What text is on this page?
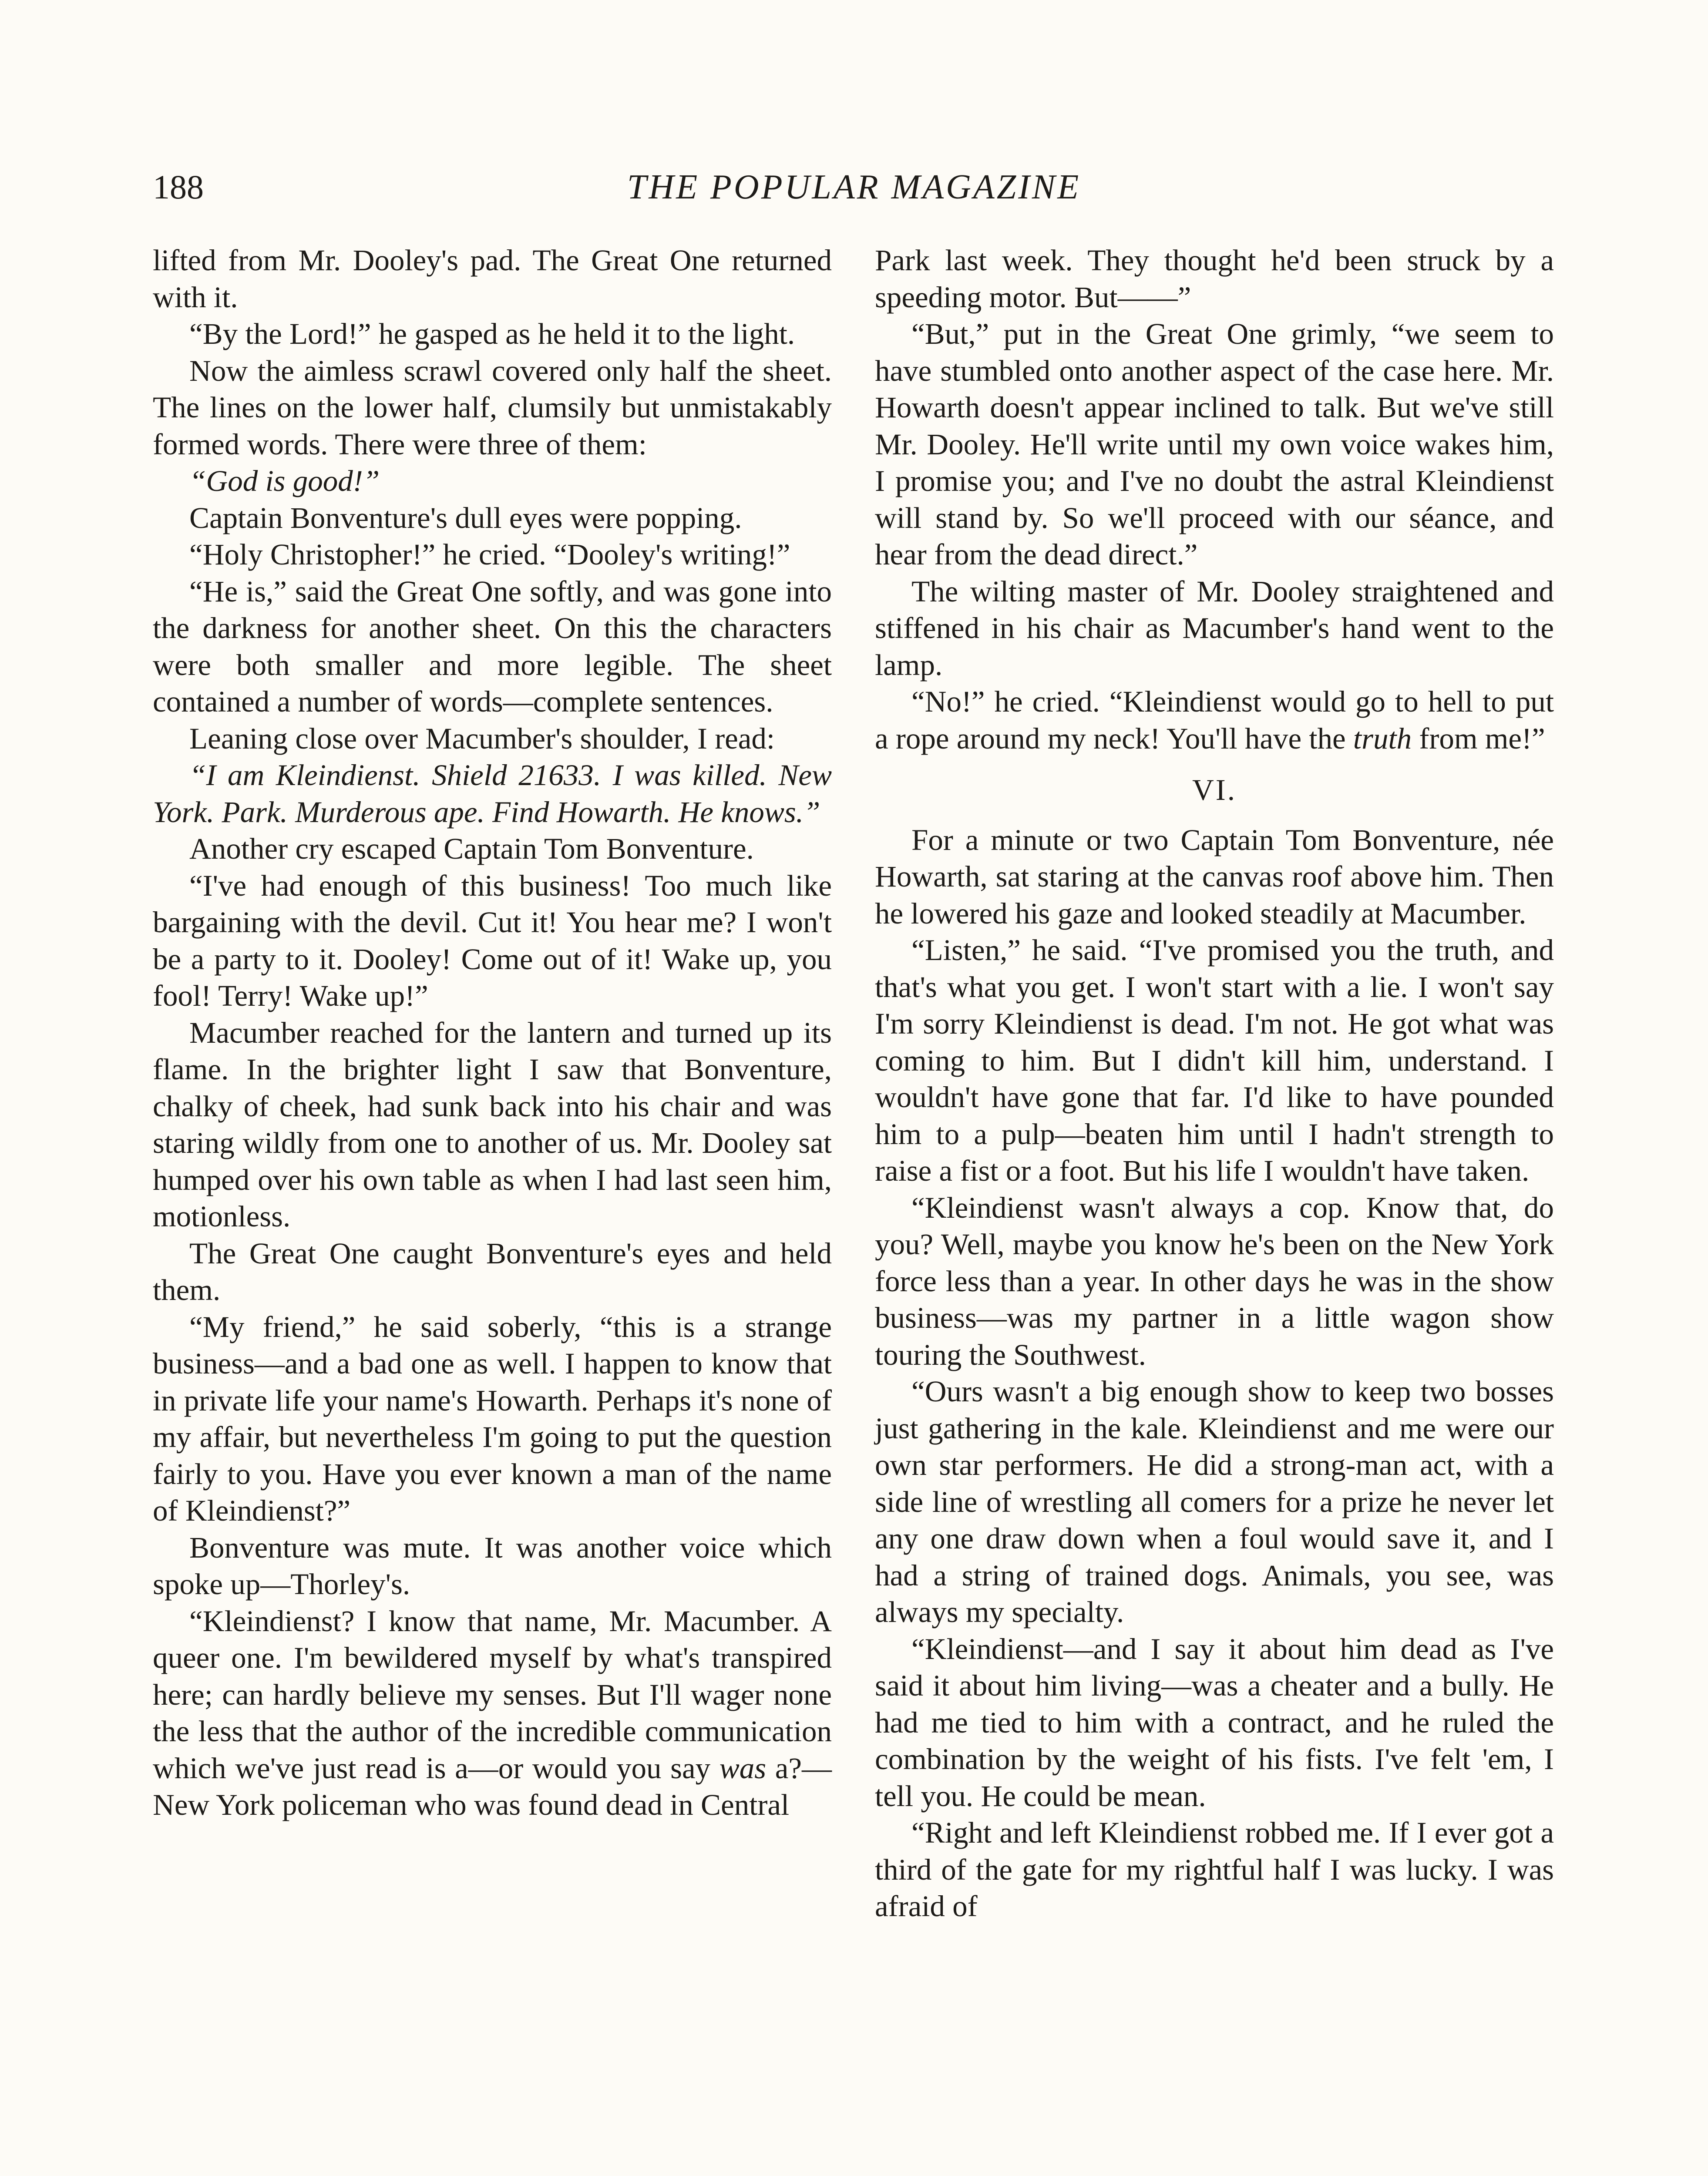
188	THE POPULAR MAGAZINE

lifted from Mr. Dooley's pad. The Great One returned with it.

“By the Lord!” he gasped as he held it to the light.

Now the aimless scrawl covered only half the sheet. The lines on the lower half, clumsily but unmistakably formed words. There were three of them:

“God is good!”

Captain Bonventure's dull eyes were popping.

“Holy Christopher!” he cried. “Dooley's writing!”

“He is,” said the Great One softly, and was gone into the darkness for another sheet. On this the characters were both smaller and more legible. The sheet contained a number of words—complete sentences.

Leaning close over Macumber's shoulder, I read:

“I am Kleindienst. Shield 21633. I was killed. New York. Park. Murderous ape. Find Howarth. He knows.”

Another cry escaped Captain Tom Bonventure.

“I've had enough of this business! Too much like bargaining with the devil. Cut it! You hear me? I won't be a party to it. Dooley! Come out of it! Wake up, you fool! Terry! Wake up!”

Macumber reached for the lantern and turned up its flame. In the brighter light I saw that Bonventure, chalky of cheek, had sunk back into his chair and was staring wildly from one to another of us. Mr. Dooley sat humped over his own table as when I had last seen him, motionless.

The Great One caught Bonventure's eyes and held them.

“My friend,” he said soberly, “this is a strange business—and a bad one as well. I happen to know that in private life your name's Howarth. Perhaps it's none of my affair, but nevertheless I'm going to put the question fairly to you. Have you ever known a man of the name of Kleindienst?”

Bonventure was mute. It was another voice which spoke up—Thorley's.

“Kleindienst? I know that name, Mr. Macumber. A queer one. I'm bewildered myself by what's transpired here; can hardly believe my senses. But I'll wager none the less that the author of the incredible communication which we've just read is a—or would you say was a?—New York policeman who was found dead in Central

Park last week. They thought he'd been struck by a speeding motor. But——”

“But,” put in the Great One grimly, “we seem to have stumbled onto another aspect of the case here. Mr. Howarth doesn't appear inclined to talk. But we've still Mr. Dooley. He'll write until my own voice wakes him, I promise you; and I've no doubt the astral Kleindienst will stand by. So we'll proceed with our séance, and hear from the dead direct.”

The wilting master of Mr. Dooley straightened and stiffened in his chair as Macumber's hand went to the lamp.

“No!” he cried. “Kleindienst would go to hell to put a rope around my neck! You'll have the truth from me!”

VI.

For a minute or two Captain Tom Bonventure, née Howarth, sat staring at the canvas roof above him. Then he lowered his gaze and looked steadily at Macumber.

“Listen,” he said. “I've promised you the truth, and that's what you get. I won't start with a lie. I won't say I'm sorry Kleindienst is dead. I'm not. He got what was coming to him. But I didn't kill him, understand. I wouldn't have gone that far. I'd like to have pounded him to a pulp—beaten him until I hadn't strength to raise a fist or a foot. But his life I wouldn't have taken.

“Kleindienst wasn't always a cop. Know that, do you? Well, maybe you know he's been on the New York force less than a year. In other days he was in the show business—was my partner in a little wagon show touring the Southwest.

“Ours wasn't a big enough show to keep two bosses just gathering in the kale. Kleindienst and me were our own star performers. He did a strong-man act, with a side line of wrestling all comers for a prize he never let any one draw down when a foul would save it, and I had a string of trained dogs. Animals, you see, was always my specialty.

“Kleindienst—and I say it about him dead as I've said it about him living—was a cheater and a bully. He had me tied to him with a contract, and he ruled the combination by the weight of his fists. I've felt 'em, I tell you. He could be mean.

“Right and left Kleindienst robbed me. If I ever got a third of the gate for my rightful half I was lucky. I was afraid of
